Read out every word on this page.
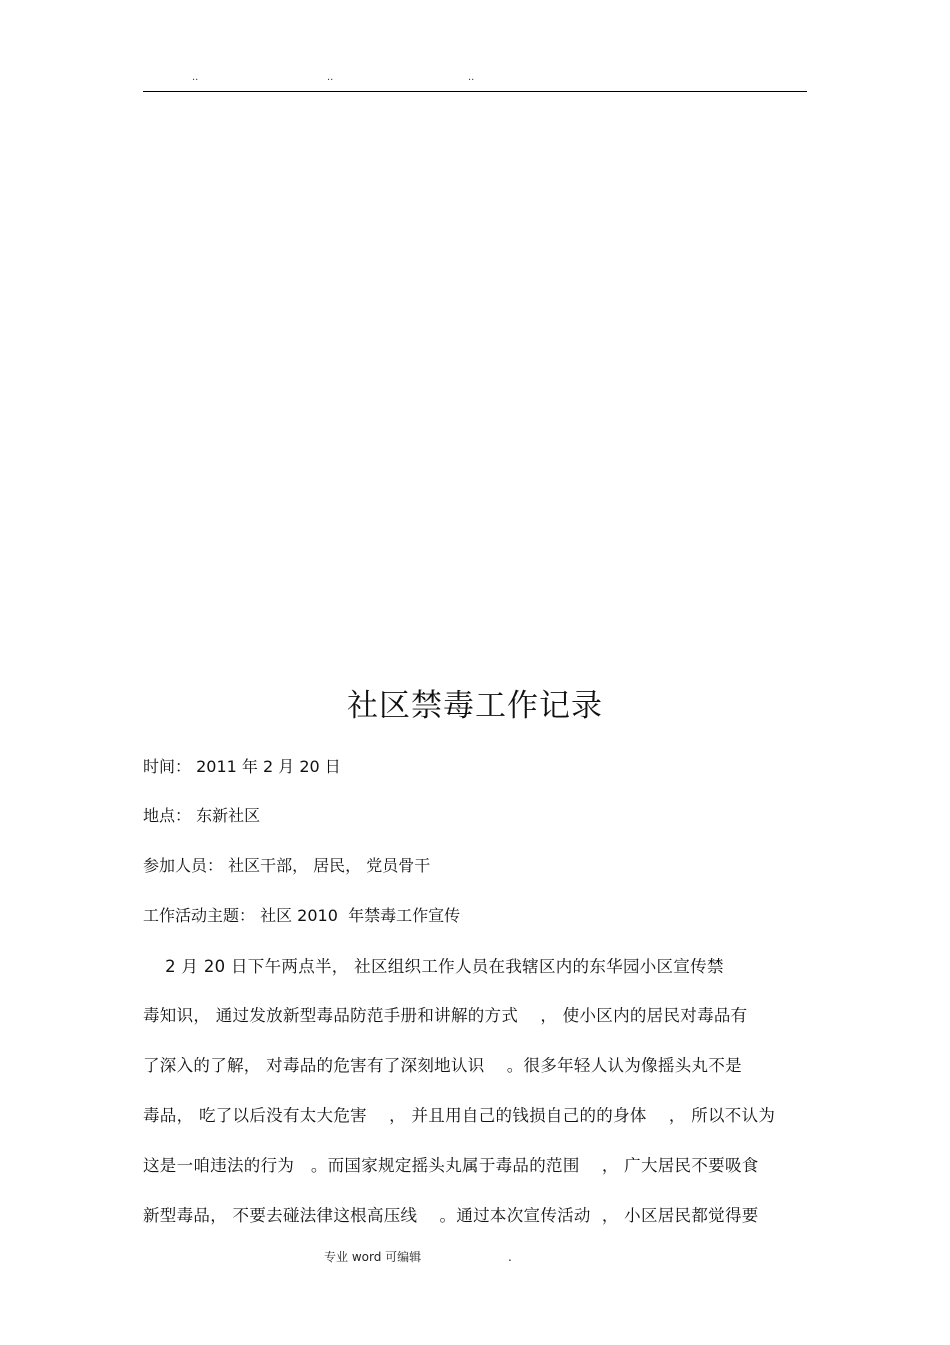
..	..	..
社区禁毒工作记录
时间： 2011 年 2 月 20 日
地点： 东新社区
参加人员： 社区干部， 居民， 党员骨干
工作活动主题： 社区 2010  年禁毒工作宣传
2 月 20 日下午两点半， 社区组织工作人员在我辖区内的东华园小区宣传禁
毒知识， 通过发放新型毒品防范手册和讲解的方式    ， 使小区内的居民对毒品有
了深入的了解， 对毒品的危害有了深刻地认识    。很多年轻人认为像摇头丸不是
毒品， 吃了以后没有太大危害    ， 并且用自己的钱损自己的的身体    ， 所以不认为
这是一咱违法的行为   。而国家规定摇头丸属于毒品的范围    ， 广大居民不要吸食
新型毒品， 不要去碰法律这根高压线    。通过本次宣传活动  ， 小区居民都觉得要
专业 word 可编辑	.
